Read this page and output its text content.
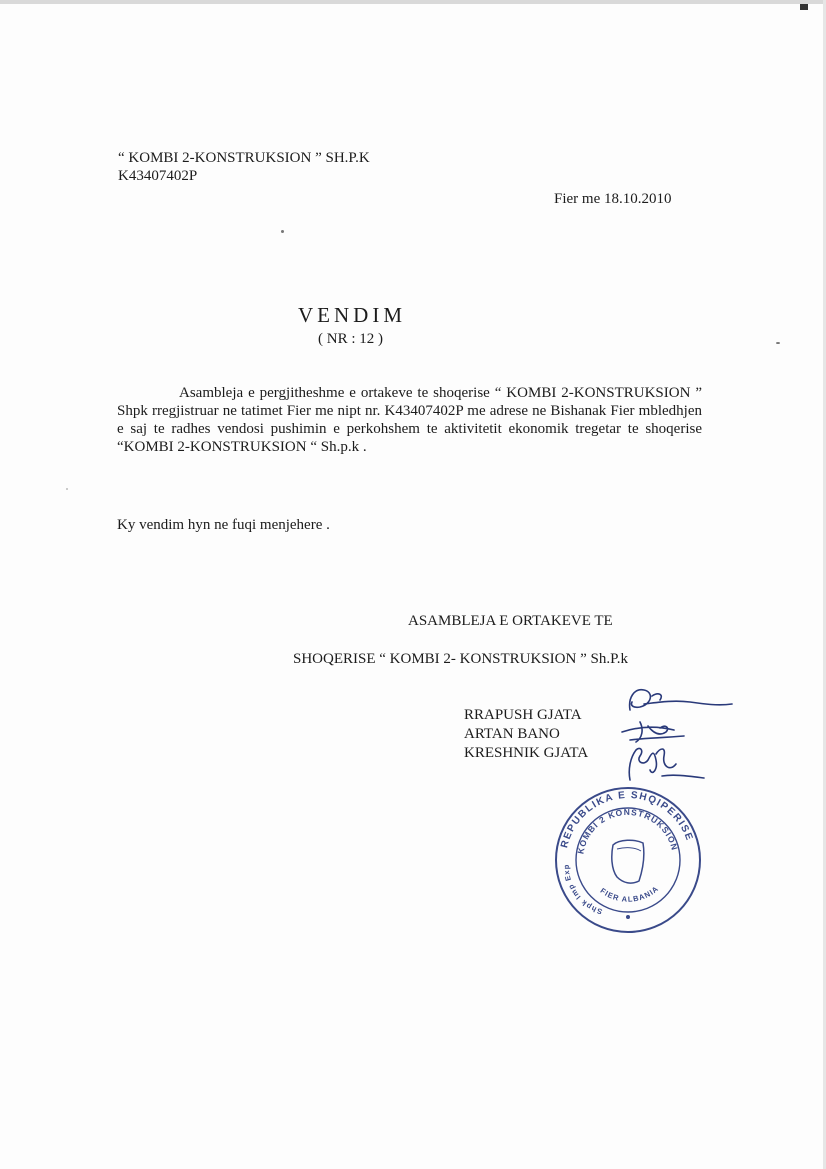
“ KOMBI 2-KONSTRUKSION ” SH.P.K
K43407402P
Fier me 18.10.2010
VENDIM
( NR : 12 )
Asambleja e pergjitheshme e ortakeve te shoqerise “ KOMBI 2-KONSTRUKSION ” Shpk rregjistruar ne tatimet Fier me nipt nr. K43407402P me adrese ne Bishanak Fier mbledhjen e saj te radhes vendosi pushimin e perkohshem te aktivitetit ekonomik tregetar te shoqerise “KOMBI 2-KONSTRUKSION “ Sh.p.k .
Ky vendim hyn ne fuqi menjehere .
ASAMBLEJA E ORTAKEVE TE
SHOQERISE “ KOMBI 2- KONSTRUKSION ” Sh.P.k
RRAPUSH GJATA
ARTAN BANO
KRESHNIK GJATA
REPUBLIKA E SHQIPERISE
KOMBI 2 KONSTRUKSION
Shpk Imp Exp
FIER ALBANIA
